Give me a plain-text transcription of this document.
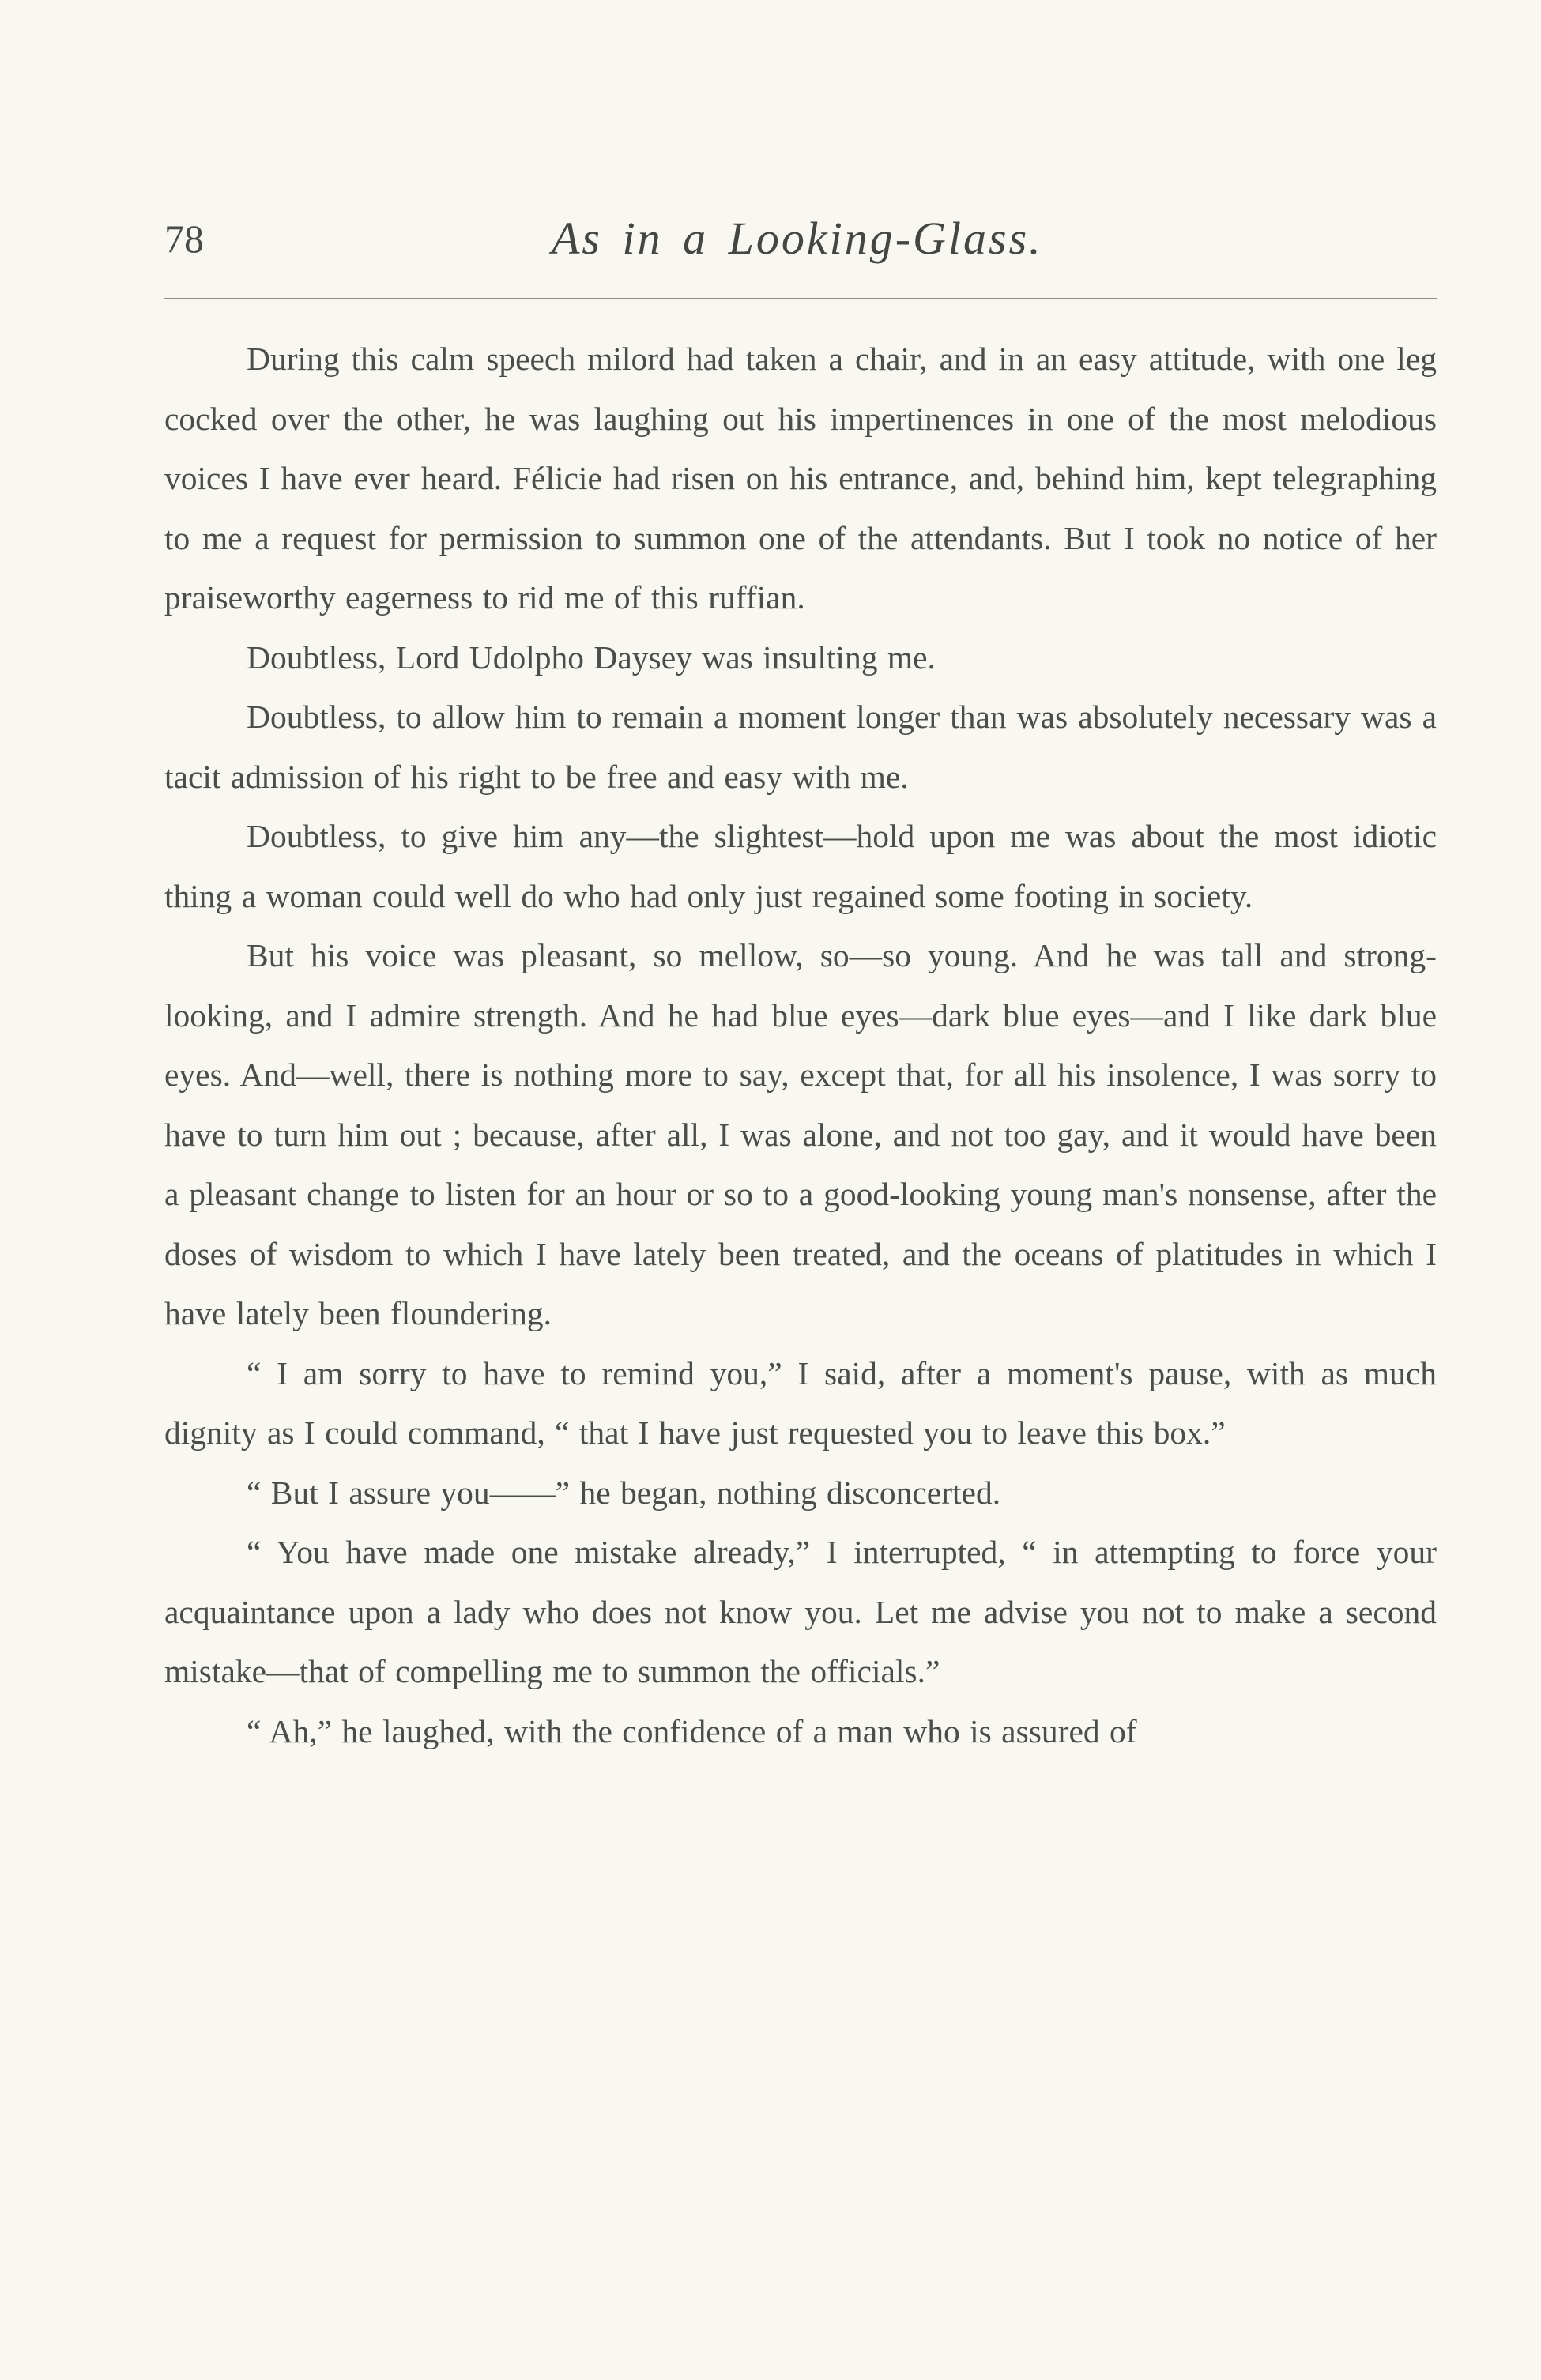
78	As in a Looking-Glass.

During this calm speech milord had taken a chair, and in an easy attitude, with one leg cocked over the other, he was laughing out his impertinences in one of the most melodious voices I have ever heard. Félicie had risen on his entrance, and, behind him, kept telegraphing to me a request for permission to summon one of the attendants. But I took no notice of her praiseworthy eagerness to rid me of this ruffian.

Doubtless, Lord Udolpho Daysey was insulting me.

Doubtless, to allow him to remain a moment longer than was absolutely necessary was a tacit admission of his right to be free and easy with me.

Doubtless, to give him any—the slightest—hold upon me was about the most idiotic thing a woman could well do who had only just regained some footing in society.

But his voice was pleasant, so mellow, so—so young. And he was tall and strong-looking, and I admire strength. And he had blue eyes—dark blue eyes—and I like dark blue eyes. And—well, there is nothing more to say, except that, for all his insolence, I was sorry to have to turn him out ; because, after all, I was alone, and not too gay, and it would have been a pleasant change to listen for an hour or so to a good-looking young man's nonsense, after the doses of wisdom to which I have lately been treated, and the oceans of platitudes in which I have lately been floundering.

“ I am sorry to have to remind you,” I said, after a moment's pause, with as much dignity as I could command, “ that I have just requested you to leave this box.”

“ But I assure you——” he began, nothing disconcerted.

“ You have made one mistake already,” I interrupted, “ in attempting to force your acquaintance upon a lady who does not know you. Let me advise you not to make a second mistake—that of compelling me to summon the officials.”

“ Ah,” he laughed, with the confidence of a man who is assured of
